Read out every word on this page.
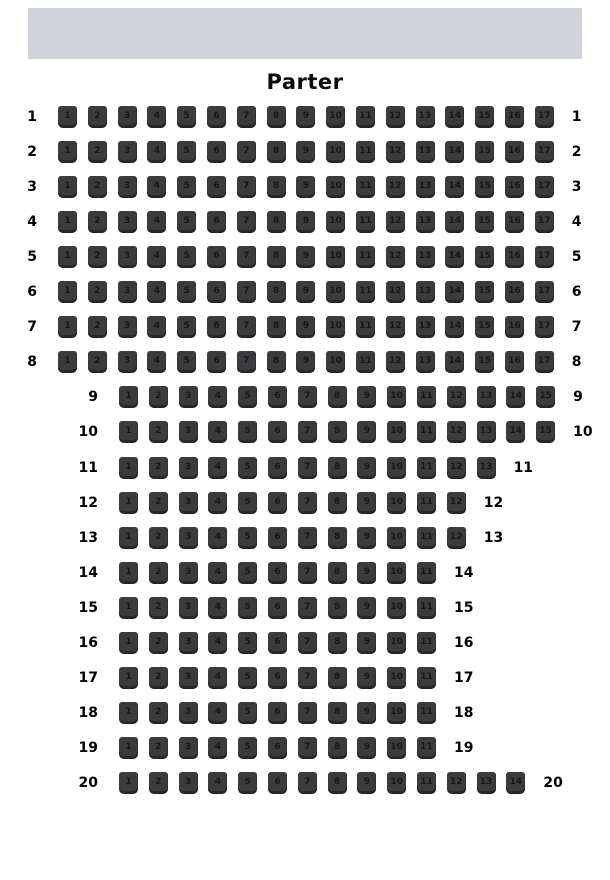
Parter
1	1	2	3	4	5	6	7	8	9	10	11	12	13	14	15	16	17 1
2	1	2	3	4	5	6	7	8	9	10	11	12	13	14	15	16	17 2
3	1	2	3	4	5	6	7	8	9	10	11	12	13	14	15	16	17 3
4	1	2	3	4	5	6	7	8	9	10	11	12	13	14	15	16	17 4
5	1	2	3	4	5	6	7	8	9	10	11	12	13	14	15	16	17 5
6	1	2	3	4	5	6	7	8	9	10	11	12	13	14	15	16	17 6
7	1	2	3	4	5	6	7	8	9	10	11	12	13	14	15	16	17 7
8	1	2	3	4	5	6	7	8	9	10	11	12	13	14	15	16	17 8
9	1	2	3	4	5	6	7	8	9	10	11	12	13	14	15 9
10	1	2	3	4	5	6	7	8	9	10	11	12	13	14	15 10
11	1	2	3	4	5	6	7	8	9	10	11	12	13 11
12	1	2	3	4	5	6	7	8	9	10	11	12 12
13	1	2	3	4	5	6	7	8	9	10	11	12 13
14	1	2	3	4	5	6	7	8	9	10	11 14
15	1	2	3	4	5	6	7	8	9	10	11 15
16	1	2	3	4	5	6	7	8	9	10	11 16
17	1	2	3	4	5	6	7	8	9	10	11 17
18	1	2	3	4	5	6	7	8	9	10	11 18
19	1	2	3	4	5	6	7	8	9	10	11 19
20	1	2	3	4	5	6	7	8	9	10	11	12	13	14 20
